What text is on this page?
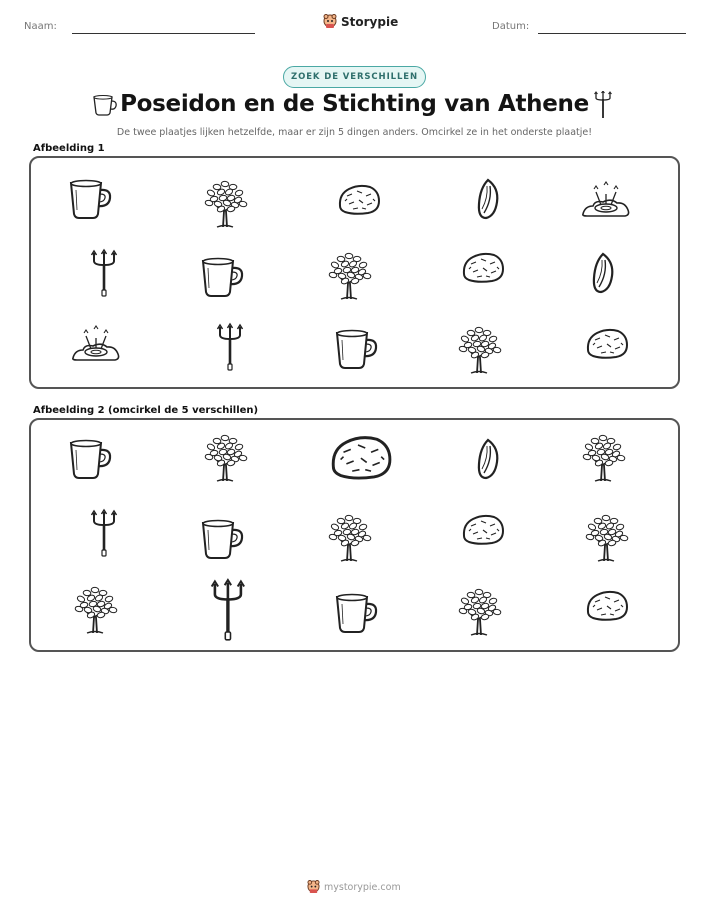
Naam:	Storypie	Datum:
ZOEK DE VERSCHILLEN
Poseidon en de Stichting van Athene
De twee plaatjes lijken hetzelfde, maar er zijn 5 dingen anders. Omcirkel ze in het onderste plaatje!
Afbeelding 1
Afbeelding 2 (omcirkel de 5 verschillen)
mystorypie.com
